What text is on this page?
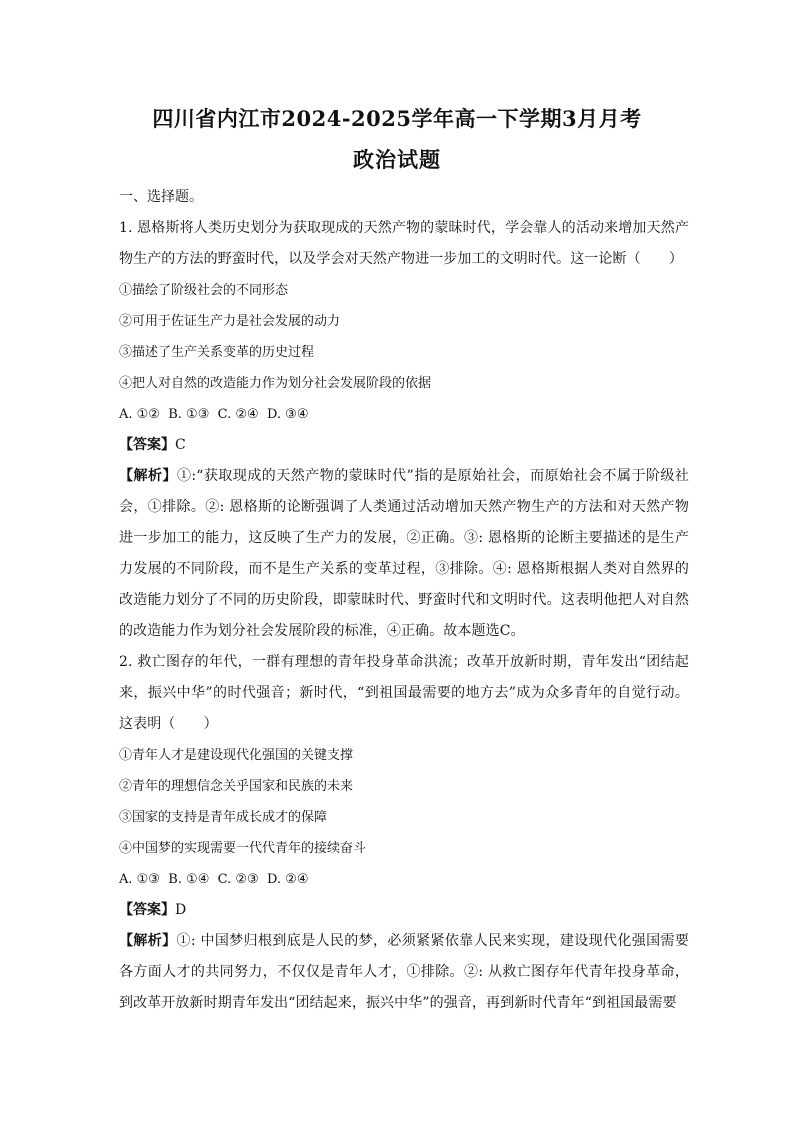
四川省内江市2024-2025学年高一下学期3月月考
政治试题

一、选择题。

1. 恩格斯将人类历史划分为获取现成的天然产物的蒙昧时代，学会靠人的活动来增加天然产物生产的方法的野蛮时代，以及学会对天然产物进一步加工的文明时代。这一论断（　　）

①描绘了阶级社会的不同形态

②可用于佐证生产力是社会发展的动力

③描述了生产关系变革的历史过程

④把人对自然的改造能力作为划分社会发展阶段的依据

A. ①②  B. ①③  C. ②④  D. ③④

【答案】C

【解析】①:“获取现成的天然产物的蒙昧时代”指的是原始社会，而原始社会不属于阶级社会，①排除。②: 恩格斯的论断强调了人类通过活动增加天然产物生产的方法和对天然产物进一步加工的能力，这反映了生产力的发展，②正确。③: 恩格斯的论断主要描述的是生产力发展的不同阶段，而不是生产关系的变革过程，③排除。④: 恩格斯根据人类对自然界的改造能力划分了不同的历史阶段，即蒙昧时代、野蛮时代和文明时代。这表明他把人对自然的改造能力作为划分社会发展阶段的标准，④正确。故本题选C。

2. 救亡图存的年代，一群有理想的青年投身革命洪流；改革开放新时期，青年发出“团结起来，振兴中华”的时代强音；新时代，“到祖国最需要的地方去”成为众多青年的自觉行动。这表明（　　）

①青年人才是建设现代化强国的关键支撑

②青年的理想信念关乎国家和民族的未来

③国家的支持是青年成长成才的保障

④中国梦的实现需要一代代青年的接续奋斗

A. ①③  B. ①④  C. ②③  D. ②④

【答案】D

【解析】①: 中国梦归根到底是人民的梦，必须紧紧依靠人民来实现，建设现代化强国需要各方面人才的共同努力，不仅仅是青年人才，①排除。②: 从救亡图存年代青年投身革命，到改革开放新时期青年发出“团结起来，振兴中华”的强音，再到新时代青年“到祖国最需要
